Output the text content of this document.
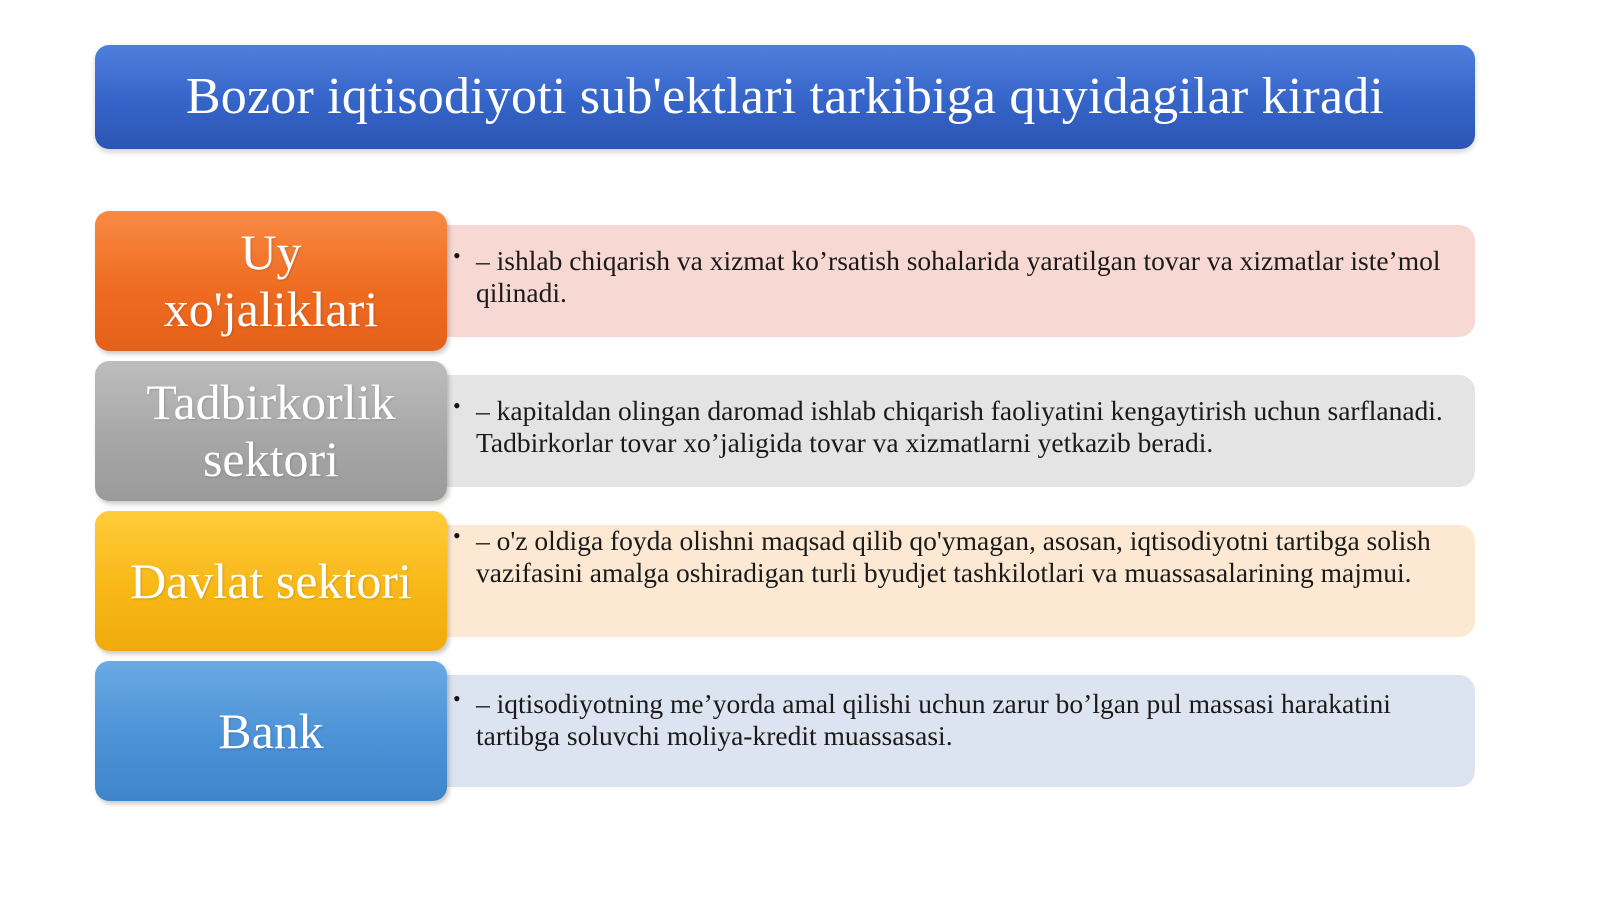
Bozor iqtisodiyoti sub'ektlari tarkibiga quyidagilar kiradi
Uy
xo'jaliklari
• – ishlab chiqarish va xizmat ko’rsatish sohalarida yaratilgan tovar va xizmatlar iste’mol qilinadi.
Tadbirkorlik
sektori
• – kapitaldan olingan daromad ishlab chiqarish faoliyatini kengaytirish uchun sarflanadi. Tadbirkorlar tovar xo’jaligida tovar va xizmatlarni yetkazib beradi.
Davlat sektori
• – o'z oldiga foyda olishni maqsad qilib qo'ymagan, asosan, iqtisodiyotni tartibga solish vazifasini amalga oshiradigan turli byudjet tashkilotlari va muassasalarining majmui.
Bank
• – iqtisodiyotning me’yorda amal qilishi uchun zarur bo’lgan pul massasi harakatini tartibga soluvchi moliya-kredit muassasasi.
